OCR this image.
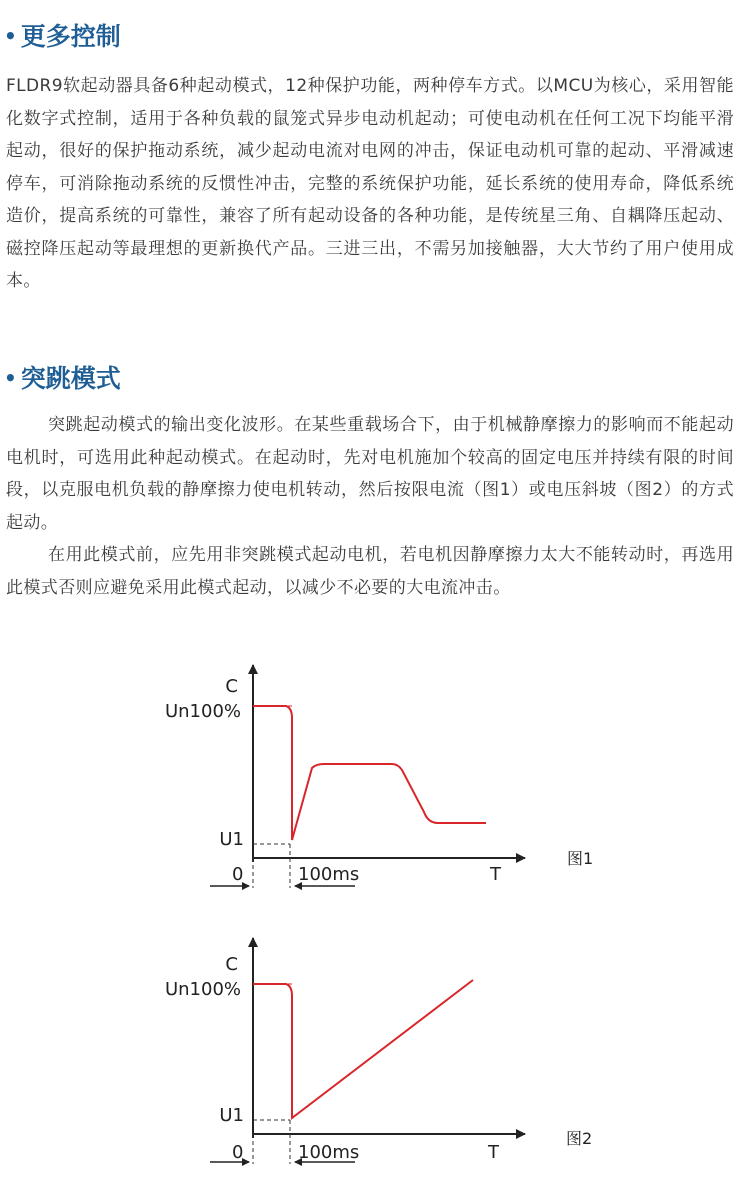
• 更多控制

FLDR9软起动器具备6种起动模式，12种保护功能，两种停车方式。以MCU为核心，采用智能化数字式控制，适用于各种负载的鼠笼式异步电动机起动；可使电动机在任何工况下均能平滑起动，很好的保护拖动系统，减少起动电流对电网的冲击，保证电动机可靠的起动、平滑减速停车，可消除拖动系统的反惯性冲击，完整的系统保护功能，延长系统的使用寿命，降低系统造价，提高系统的可靠性，兼容了所有起动设备的各种功能，是传统星三角、自耦降压起动、磁控降压起动等最理想的更新换代产品。三进三出，不需另加接触器，大大节约了用户使用成本。

• 突跳模式

突跳起动模式的输出变化波形。在某些重载场合下，由于机械静摩擦力的影响而不能起动电机时，可选用此种起动模式。在起动时，先对电机施加个较高的固定电压并持续有限的时间段，以克服电机负载的静摩擦力使电机转动，然后按限电流（图1）或电压斜坡（图2）的方式起动。

在用此模式前，应先用非突跳模式起动电机，若电机因静摩擦力太大不能转动时，再选用此模式否则应避免采用此模式起动，以减少不必要的大电流冲击。

C
Un100%
U1
T
0	100ms
图1
C
Un100%
U1
T
0	100ms
图2
